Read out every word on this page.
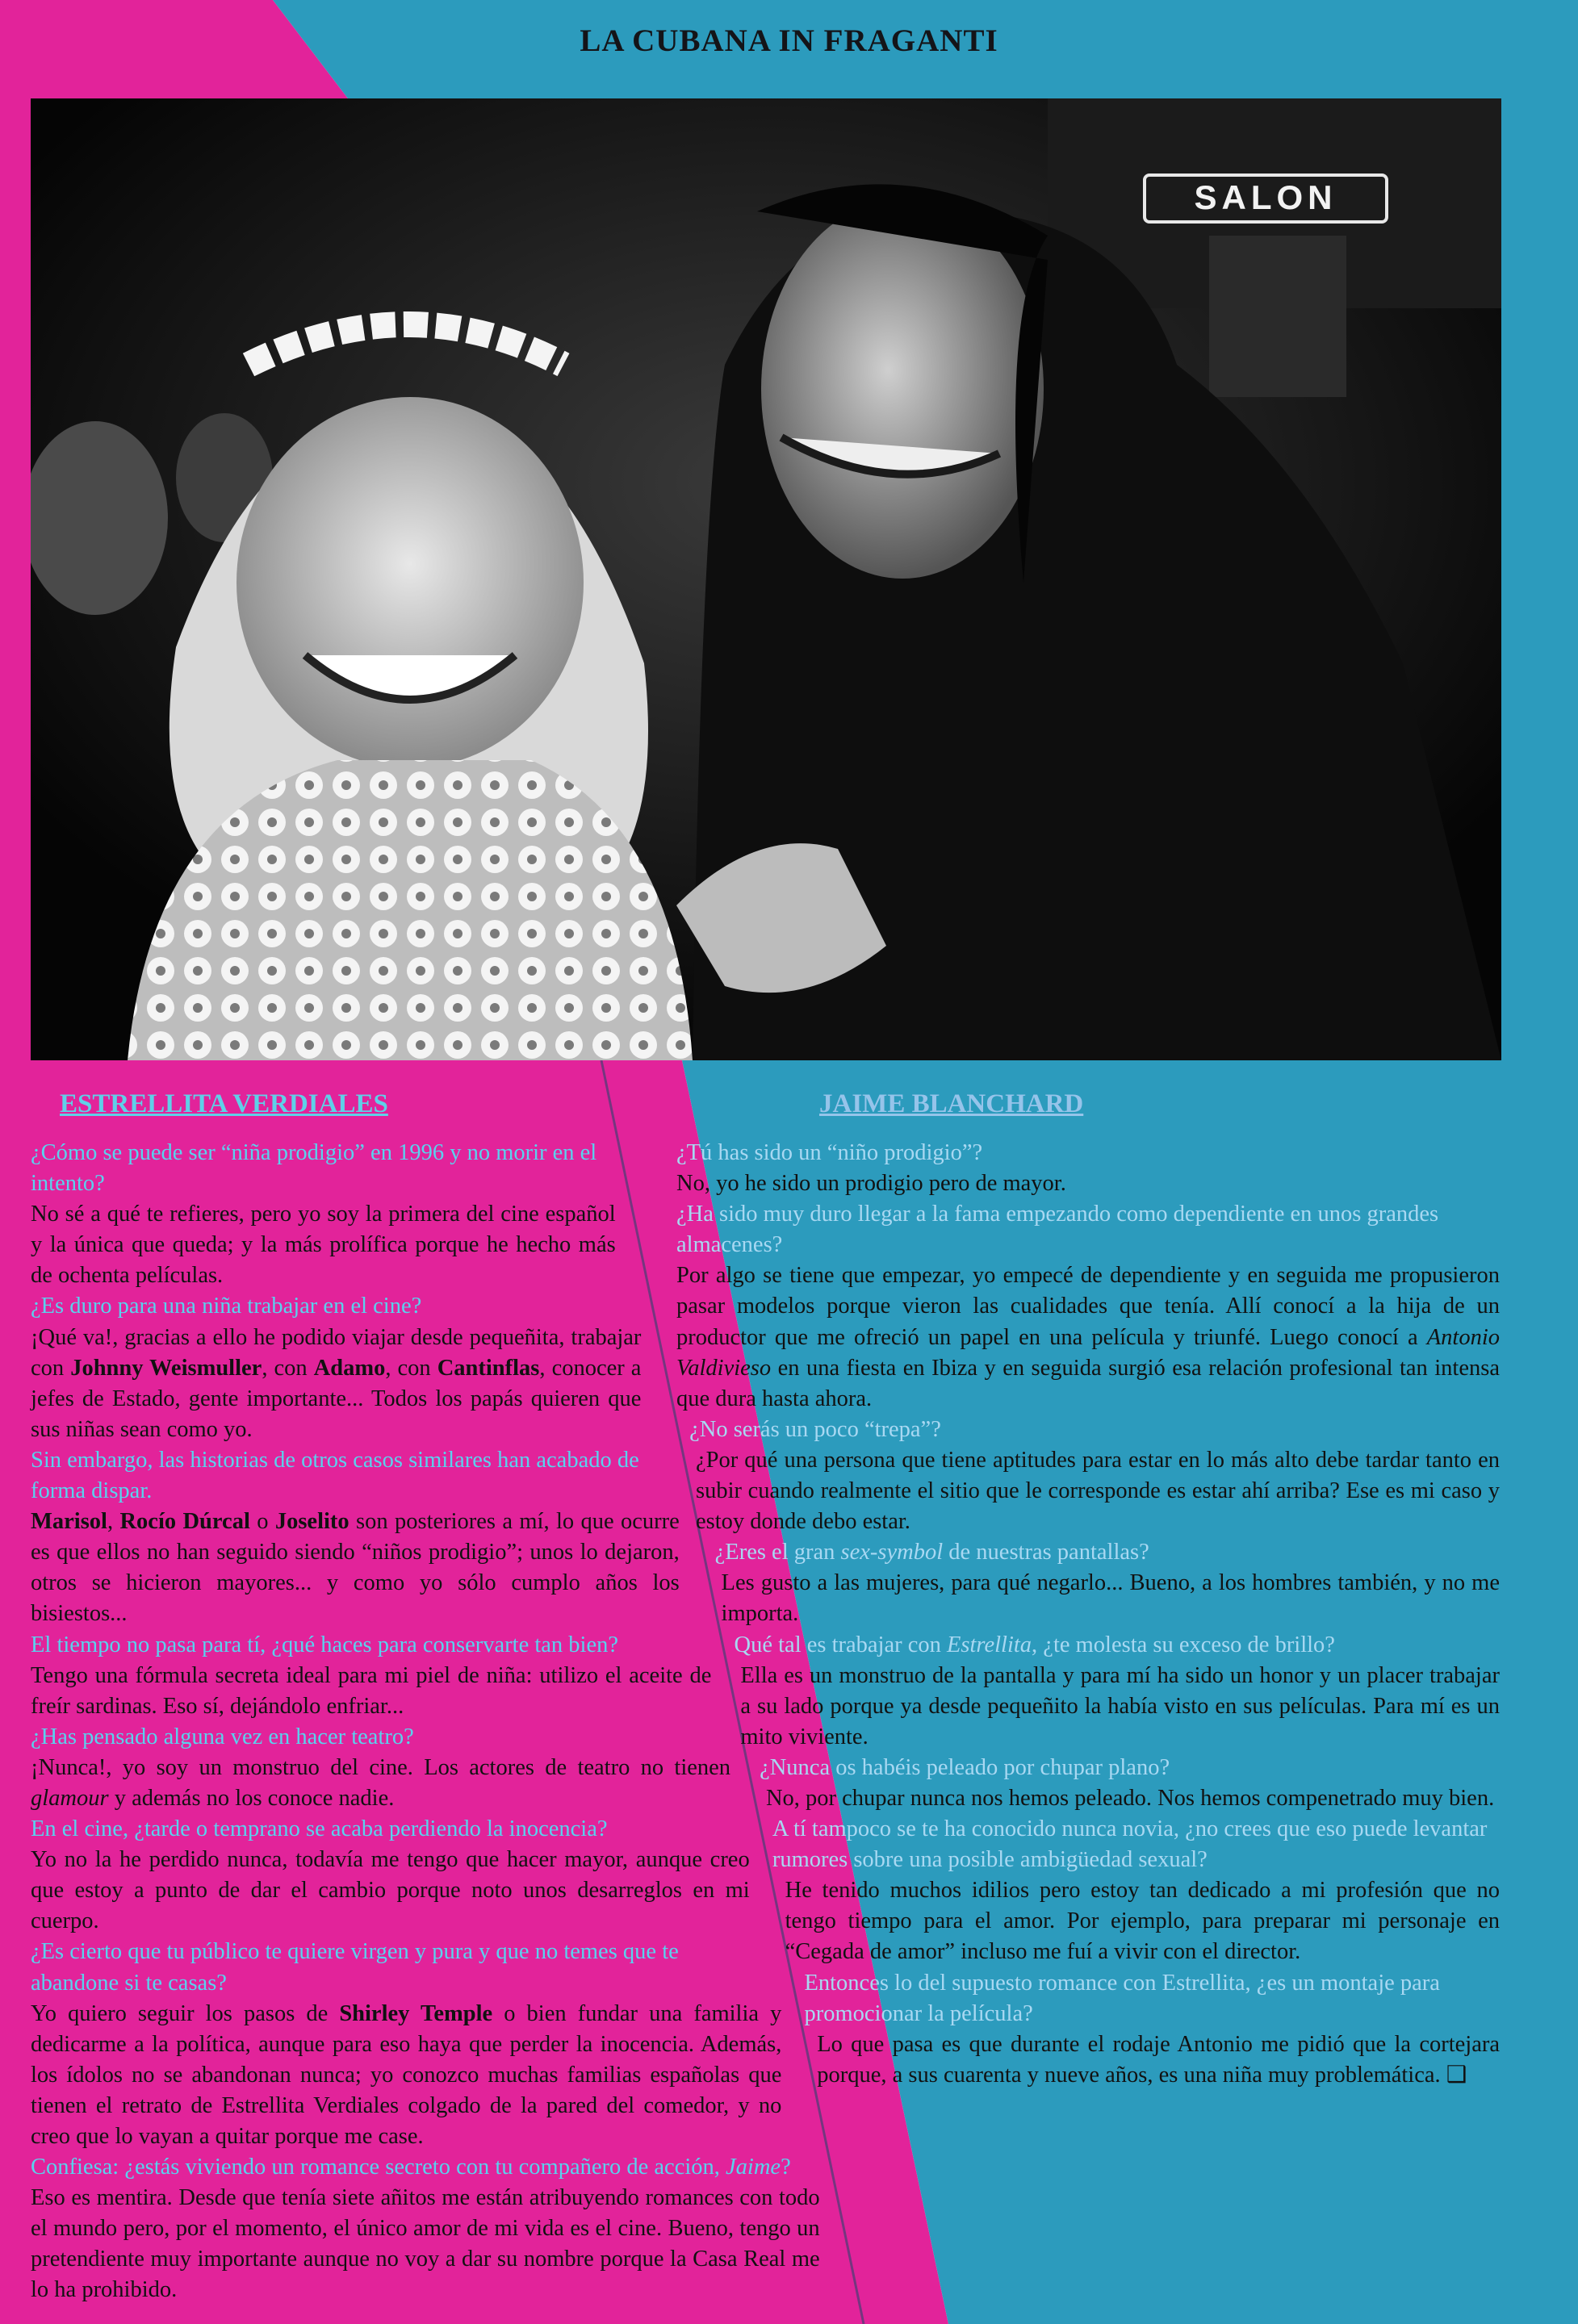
LA CUBANA IN FRAGANTI
SALON
ESTRELLITA VERDIALES	JAIME BLANCHARD

¿Cómo se puede ser “niña prodigio” en 1996 y no morir en el intento?

No sé a qué te refieres, pero yo soy la primera del cine español y la única que queda; y la más prolífica porque he hecho más de ochenta películas.

¿Es duro para una niña trabajar en el cine?

¡Qué va!, gracias a ello he podido viajar desde pequeñita, trabajar con Johnny Weismuller, con Adamo, con Cantinflas, conocer a jefes de Estado, gente importante... Todos los papás quieren que sus niñas sean como yo.

Sin embargo, las historias de otros casos similares han acabado de forma dispar.

Marisol, Rocío Dúrcal o Joselito son posteriores a mí, lo que ocurre es que ellos no han seguido siendo “niños prodigio”; unos lo dejaron, otros se hicieron mayores... y como yo sólo cumplo años los bisiestos...

El tiempo no pasa para tí, ¿qué haces para conservarte tan bien?

Tengo una fórmula secreta ideal para mi piel de niña: utilizo el aceite de freír sardinas. Eso sí, dejándolo enfriar...

¿Has pensado alguna vez en hacer teatro?

¡Nunca!, yo soy un monstruo del cine. Los actores de teatro no tienen glamour y además no los conoce nadie.

En el cine, ¿tarde o temprano se acaba perdiendo la inocencia?

Yo no la he perdido nunca, todavía me tengo que hacer mayor, aunque creo que estoy a punto de dar el cambio porque noto unos desarreglos en mi cuerpo.

¿Es cierto que tu público te quiere virgen y pura y que no temes que te abandone si te casas?

Yo quiero seguir los pasos de Shirley Temple o bien fundar una familia y dedicarme a la política, aunque para eso haya que perder la inocencia. Además, los ídolos no se abandonan nunca; yo conozco muchas familias españolas que tienen el retrato de Estrellita Verdiales colgado de la pared del comedor, y no creo que lo vayan a quitar porque me case.

Confiesa: ¿estás viviendo un romance secreto con tu compañero de acción, Jaime?

Eso es mentira. Desde que tenía siete añitos me están atribuyendo romances con todo el mundo pero, por el momento, el único amor de mi vida es el cine. Bueno, tengo un pretendiente muy importante aunque no voy a dar su nombre porque la Casa Real me lo ha prohibido.

¿Tú has sido un “niño prodigio”?

No, yo he sido un prodigio pero de mayor.

¿Ha sido muy duro llegar a la fama empezando como dependiente en unos grandes almacenes?

Por algo se tiene que empezar, yo empecé de dependiente y en seguida me propusieron pasar modelos porque vieron las cualidades que tenía. Allí conocí a la hija de un productor que me ofreció un papel en una película y triunfé. Luego conocí a Antonio Valdivieso en una fiesta en Ibiza y en seguida surgió esa relación profesional tan intensa que dura hasta ahora.

¿No serás un poco “trepa”?

¿Por qué una persona que tiene aptitudes para estar en lo más alto debe tardar tanto en subir cuando realmente el sitio que le corresponde es estar ahí arriba? Ese es mi caso y estoy donde debo estar.

¿Eres el gran sex-symbol de nuestras pantallas?

Les gusto a las mujeres, para qué negarlo... Bueno, a los hombres también, y no me importa.

Qué tal es trabajar con Estrellita, ¿te molesta su exceso de brillo?

Ella es un monstruo de la pantalla y para mí ha sido un honor y un placer trabajar a su lado porque ya desde pequeñito la había visto en sus películas. Para mí es un mito viviente.

¿Nunca os habéis peleado por chupar plano?

No, por chupar nunca nos hemos peleado. Nos hemos compenetrado muy bien.

A tí tampoco se te ha conocido nunca novia, ¿no crees que eso puede levantar rumores sobre una posible ambigüedad sexual?

He tenido muchos idilios pero estoy tan dedicado a mi profesión que no tengo tiempo para el amor. Por ejemplo, para preparar mi personaje en “Cegada de amor” incluso me fuí a vivir con el director.

Entonces lo del supuesto romance con Estrellita, ¿es un montaje para promocionar la película?

Lo que pasa es que durante el rodaje Antonio me pidió que la cortejara porque, a sus cuarenta y nueve años, es una niña muy problemática. ❑
